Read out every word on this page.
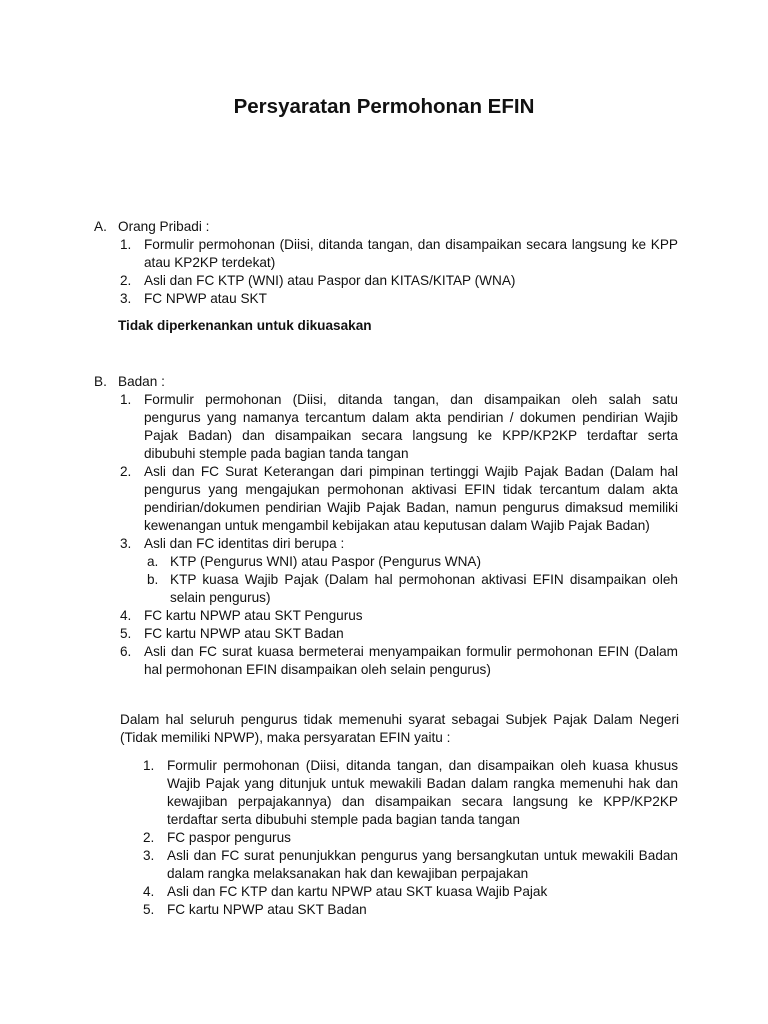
Persyaratan Permohonan EFIN
A. Orang Pribadi :
1. Formulir permohonan (Diisi, ditanda tangan, dan disampaikan secara langsung ke KPP
atau KP2KP terdekat)
2. Asli dan FC KTP (WNI) atau Paspor dan KITAS/KITAP (WNA)
3. FC NPWP atau SKT
Tidak diperkenankan untuk dikuasakan
B. Badan :
1. Formulir permohonan (Diisi, ditanda tangan, dan disampaikan oleh salah satu
pengurus yang namanya tercantum dalam akta pendirian / dokumen pendirian Wajib
Pajak Badan) dan disampaikan secara langsung ke KPP/KP2KP terdaftar serta
dibubuhi stemple pada bagian tanda tangan
2. Asli dan FC Surat Keterangan dari pimpinan tertinggi Wajib Pajak Badan (Dalam hal
pengurus yang mengajukan permohonan aktivasi EFIN tidak tercantum dalam akta
pendirian/dokumen pendirian Wajib Pajak Badan, namun pengurus dimaksud memiliki
kewenangan untuk mengambil kebijakan atau keputusan dalam Wajib Pajak Badan)
3. Asli dan FC identitas diri berupa :
a. KTP (Pengurus WNI) atau Paspor (Pengurus WNA)
b. KTP kuasa Wajib Pajak (Dalam hal permohonan aktivasi EFIN disampaikan oleh
selain pengurus)
4. FC kartu NPWP atau SKT Pengurus
5. FC kartu NPWP atau SKT Badan
6. Asli dan FC surat kuasa bermeterai menyampaikan formulir permohonan EFIN (Dalam
hal permohonan EFIN disampaikan oleh selain pengurus)
Dalam hal seluruh pengurus tidak memenuhi syarat sebagai Subjek Pajak Dalam Negeri
(Tidak memiliki NPWP), maka persyaratan EFIN yaitu :
1. Formulir permohonan (Diisi, ditanda tangan, dan disampaikan oleh kuasa khusus
Wajib Pajak yang ditunjuk untuk mewakili Badan dalam rangka memenuhi hak dan
kewajiban perpajakannya) dan disampaikan secara langsung ke KPP/KP2KP
terdaftar serta dibubuhi stemple pada bagian tanda tangan
2. FC paspor pengurus
3. Asli dan FC surat penunjukkan pengurus yang bersangkutan untuk mewakili Badan
dalam rangka melaksanakan hak dan kewajiban perpajakan
4. Asli dan FC KTP dan kartu NPWP atau SKT kuasa Wajib Pajak
5. FC kartu NPWP atau SKT Badan
